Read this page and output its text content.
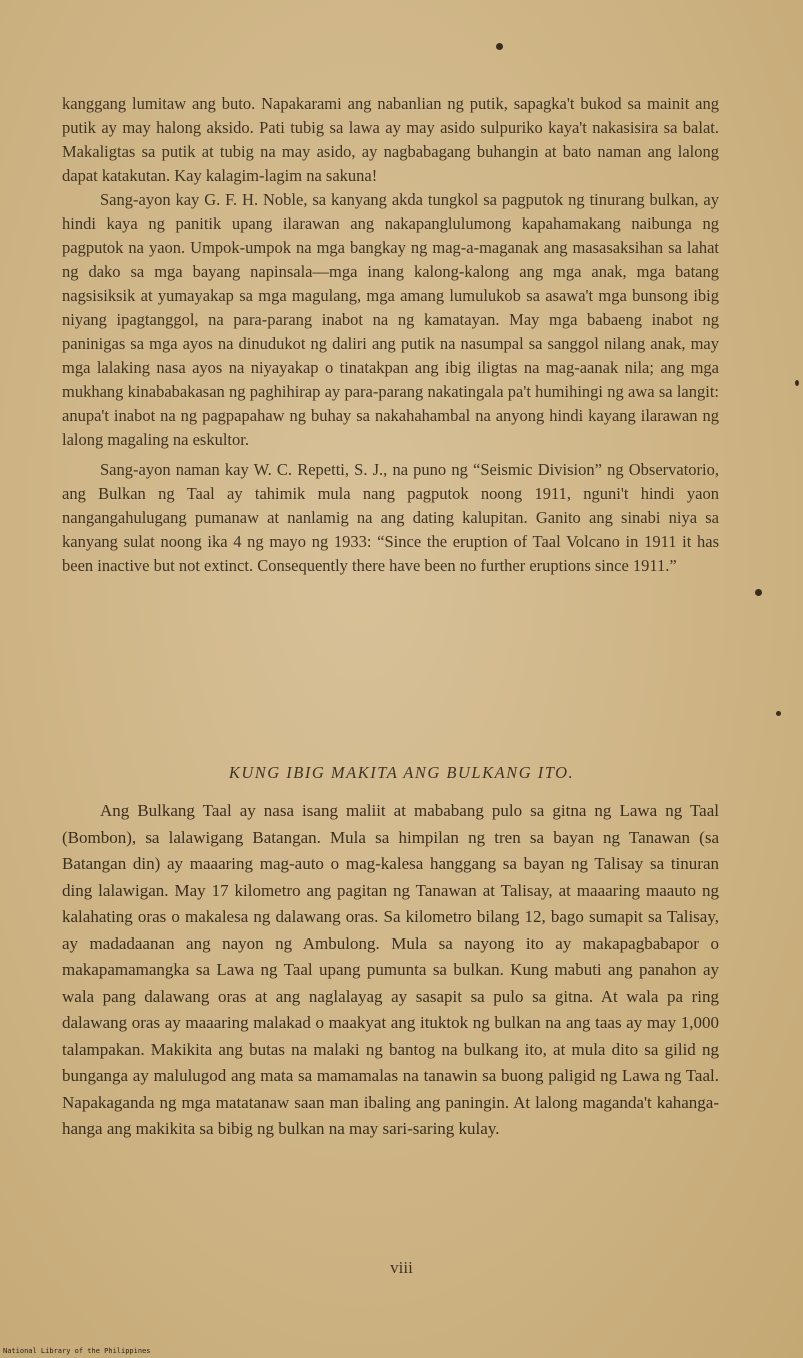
kanggang lumitaw ang buto. Napakarami ang nabanlian ng putik, sapagka't bukod sa mainit ang putik ay may halong aksido. Pati tubig sa lawa ay may asido sulpuriko kaya't nakasisira sa balat. Makaligtas sa putik at tubig na may asido, ay nagbabagang buhangin at bato naman ang lalong dapat katakutan. Kay kalagim-lagim na sakuna!

Sang-ayon kay G. F. H. Noble, sa kanyang akda tungkol sa pagputok ng tinurang bulkan, ay hindi kaya ng panitik upang ilarawan ang nakapanglulumong kapahamakang naibunga ng pagputok na yaon. Umpok-umpok na mga bangkay ng mag-a-maganak ang masasaksihan sa lahat ng dako sa mga bayang napinsala—mga inang kalong-kalong ang mga anak, mga batang nagsisiksik at yumayakap sa mga magulang, mga amang lumulukob sa asawa't mga bunsong ibig niyang ipagtanggol, na para-parang inabot na ng kamatayan. May mga babaeng inabot ng paninigas sa mga ayos na dinudukot ng daliri ang putik na nasumpal sa sanggol nilang anak, may mga lalaking nasa ayos na niyayakap o tinatakpan ang ibig iligtas na mag-aanak nila; ang mga mukhang kinababakasan ng paghihirap ay para-parang nakatingala pa't humihingi ng awa sa langit: anupa't inabot na ng pagpapahaw ng buhay sa nakahahambal na anyong hindi kayang ilarawan ng lalong magaling na eskultor.

Sang-ayon naman kay W. C. Repetti, S. J., na puno ng “Seismic Division” ng Observatorio, ang Bulkan ng Taal ay tahimik mula nang pagputok noong 1911, nguni't hindi yaon nangangahulugang pumanaw at nanlamig na ang dating kalupitan. Ganito ang sinabi niya sa kanyang sulat noong ika 4 ng mayo ng 1933: “Since the eruption of Taal Volcano in 1911 it has been inactive but not extinct. Consequently there have been no further eruptions since 1911.”

KUNG IBIG MAKITA ANG BULKANG ITO.

Ang Bulkang Taal ay nasa isang maliit at mababang pulo sa gitna ng Lawa ng Taal (Bombon), sa lalawigang Batangan. Mula sa himpilan ng tren sa bayan ng Tanawan (sa Batangan din) ay maaaring mag-auto o mag-kalesa hanggang sa bayan ng Talisay sa tinuran ding lalawigan. May 17 kilometro ang pagitan ng Tanawan at Talisay, at maaaring maauto ng kalahating oras o makalesa ng dalawang oras. Sa kilometro bilang 12, bago sumapit sa Talisay, ay madadaanan ang nayon ng Ambulong. Mula sa nayong ito ay makapagbabapor o makapamamangka sa Lawa ng Taal upang pumunta sa bulkan. Kung mabuti ang panahon ay wala pang dalawang oras at ang naglalayag ay sasapit sa pulo sa gitna. At wala pa ring dalawang oras ay maaaring malakad o maakyat ang ituktok ng bulkan na ang taas ay may 1,000 talampakan. Makikita ang butas na malaki ng bantog na bulkang ito, at mula dito sa gilid ng bunganga ay malulugod ang mata sa mamamalas na tanawin sa buong paligid ng Lawa ng Taal. Napakaganda ng mga matatanaw saan man ibaling ang paningin. At lalong maganda't kahanga-hanga ang makikita sa bibig ng bulkan na may sari-saring kulay.

viii
National Library of the Philippines
